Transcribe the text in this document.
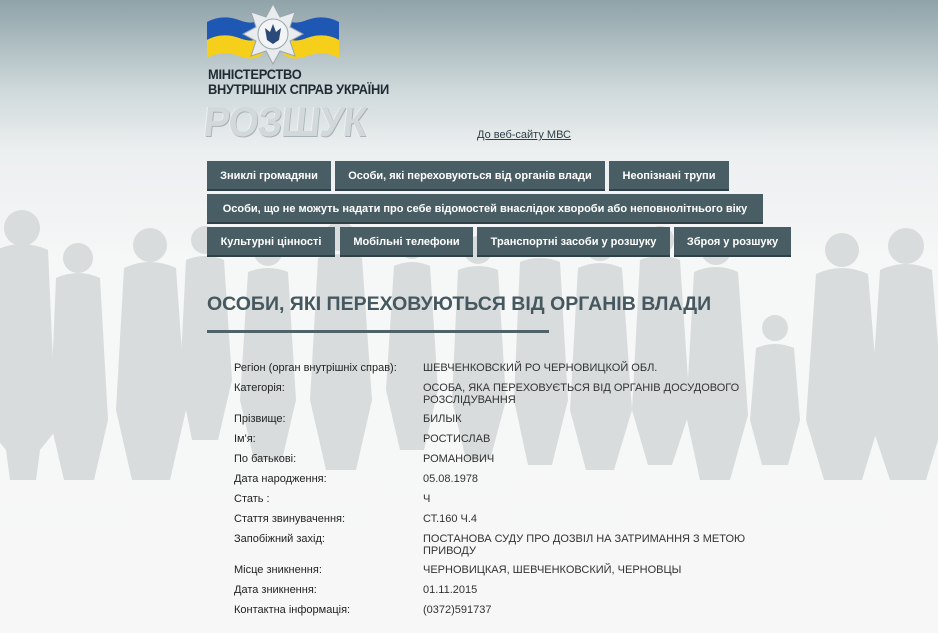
МІНІСТЕРСТВО
ВНУТРІШНІХ СПРАВ УКРАЇНИ
РОЗШУК	До веб-сайту МВС
Зниклі громадяни	Особи, які переховуються від органів влади	Неопізнані трупи
Особи, що не можуть надати про себе відомостей внаслідок хвороби або неповнолітнього віку
Культурні цінності	Мобільні телефони	Транспортні засоби у розшуку	Зброя у розшуку
ОСОБИ, ЯКІ ПЕРЕХОВУЮТЬСЯ ВІД ОРГАНІВ ВЛАДИ
Регіон (орган внутрішніх справ):	ШЕВЧЕНКОВСКИЙ РО ЧЕРНОВИЦКОЙ ОБЛ.
Категорія:	ОСОБА, ЯКА ПЕРЕХОВУЄТЬСЯ ВІД ОРГАНІВ ДОСУДОВОГО РОЗСЛІДУВАННЯ
Прізвище:	БИЛЫК
Ім'я:	РОСТИСЛАВ
По батькові:	РОМАНОВИЧ
Дата народження:	05.08.1978
Стать :	Ч
Стаття звинувачення:	СТ.160 Ч.4
Запобіжний захід:	ПОСТАНОВА СУДУ ПРО ДОЗВІЛ НА ЗАТРИМАННЯ З МЕТОЮ ПРИВОДУ
Місце зникнення:	ЧЕРНОВИЦКАЯ, ШЕВЧЕНКОВСКИЙ, ЧЕРНОВЦЫ
Дата зникнення:	01.11.2015
Контактна інформація:	(0372)591737
